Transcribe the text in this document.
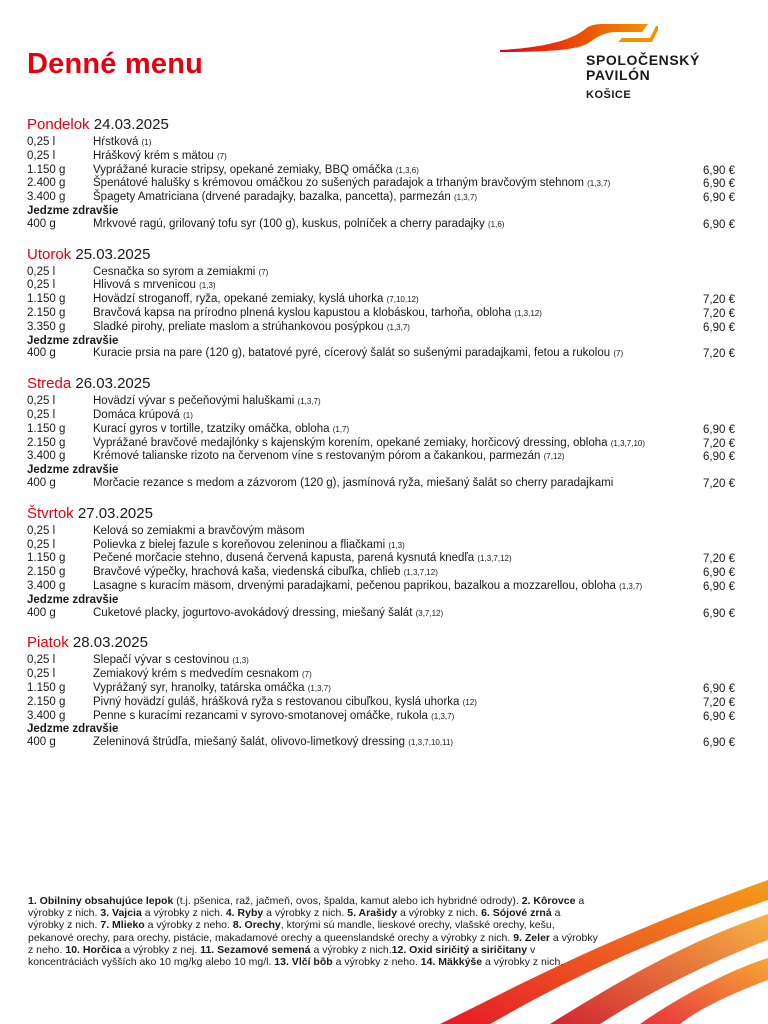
Denné menu	SPOLOČENSKÝ
PAVILÓN
KOŠICE
Pondelok 24.03.2025
0,25 l	Hŕstková (1)
0,25 l	Hráškový krém s mätou (7)
1.150 g	Vyprážané kuracie stripsy, opekané zemiaky, BBQ omáčka (1,3,6)	6,90 €
2.400 g	Špenátové halušky s krémovou omáčkou zo sušených paradajok a trhaným bravčovým stehnom (1,3,7)	6,90 €
3.400 g	Špagety Amatriciana (drvené paradajky, bazalka, pancetta), parmezán (1,3,7)	6,90 €
Jedzme zdravšie
400 g	Mrkvové ragú, grilovaný tofu syr (100 g), kuskus, polníček a cherry paradajky (1,6)	6,90 €
Utorok 25.03.2025
0,25 l	Cesnačka so syrom a zemiakmi (7)
0,25 l	Hlivová s mrvenicou (1,3)
1.150 g	Hovädzí stroganoff, ryža, opekané zemiaky, kyslá uhorka (7,10,12)	7,20 €
2.150 g	Bravčová kapsa na prírodno plnená kyslou kapustou a klobáskou, tarhoňa, obloha (1,3,12)	7,20 €
3.350 g	Sladké pirohy, preliate maslom a strúhankovou posýpkou (1,3,7)	6,90 €
Jedzme zdravšie
400 g	Kuracie prsia na pare (120 g), batatové pyré, cícerový šalát so sušenými paradajkami, fetou a rukolou (7)	7,20 €
Streda 26.03.2025
0,25 l	Hovädzí vývar s pečeňovými haluškami (1,3,7)
0,25 l	Domáca krúpová (1)
1.150 g	Kurací gyros v tortille, tzatziky omáčka, obloha (1,7)	6,90 €
2.150 g	Vyprážané bravčové medajlónky s kajenským korením, opekané zemiaky, horčicový dressing, obloha (1,3,7,10)	7,20 €
3.400 g	Krémové talianske rizoto na červenom víne s restovaným pórom a čakankou, parmezán (7,12)	6,90 €
Jedzme zdravšie
400 g	Morčacie rezance s medom a zázvorom (120 g), jasmínová ryža, miešaný šalát so cherry paradajkami	7,20 €
Štvrtok 27.03.2025
0,25 l	Kelová so zemiakmi a bravčovým mäsom
0,25 l	Polievka z bielej fazule s koreňovou zeleninou a fliačkami (1,3)
1.150 g	Pečené morčacie stehno, dusená červená kapusta, parená kysnutá knedľa (1,3,7,12)	7,20 €
2.150 g	Bravčové výpečky, hrachová kaša, viedenská cibuľka, chlieb (1,3,7,12)	6,90 €
3.400 g	Lasagne s kuracím mäsom, drvenými paradajkami, pečenou paprikou, bazalkou a mozzarellou, obloha (1,3,7)	6,90 €
Jedzme zdravšie
400 g	Cuketové placky, jogurtovo-avokádový dressing, miešaný šalát (3,7,12)	6,90 €
Piatok 28.03.2025
0,25 l	Slepačí vývar s cestovinou (1,3)
0,25 l	Zemiakový krém s medvedím cesnakom (7)
1.150 g	Vyprážaný syr, hranolky, tatárska omáčka (1,3,7)	6,90 €
2.150 g	Pivný hovädzí guláš, hrášková ryža s restovanou cibuľkou, kyslá uhorka (12)	7,20 €
3.400 g	Penne s kuracími rezancami v syrovo-smotanovej omáčke, rukola (1,3,7)	6,90 €
Jedzme zdravšie
400 g	Zeleninová štrúdľa, miešaný šalát, olivovo-limetkový dressing (1,3,7,10,11)	6,90 €
1. Obilniny obsahujúce lepok (t.j. pšenica, raž, jačmeň, ovos, špalda, kamut alebo ich hybridné odrody). 2. Kôrovce a výrobky z nich. 3. Vajcia a výrobky z nich. 4. Ryby a výrobky z nich. 5. Arašidy a výrobky z nich. 6. Sójové zrná a výrobky z nich. 7. Mlieko a výrobky z neho. 8. Orechy, ktorými sú mandle, lieskové orechy, vlašské orechy, kešu, pekanové orechy, para orechy, pistácie, makadamové orechy a queenslandské orechy a výrobky z nich. 9. Zeler a výrobky z neho. 10. Horčica a výrobky z nej. 11. Sezamové semená a výrobky z nich.12. Oxid siričitý a siričitany v koncentráciách vyšších ako 10 mg/kg alebo 10 mg/l. 13. Vlčí bôb a výrobky z neho. 14. Mäkkýše a výrobky z nich.
